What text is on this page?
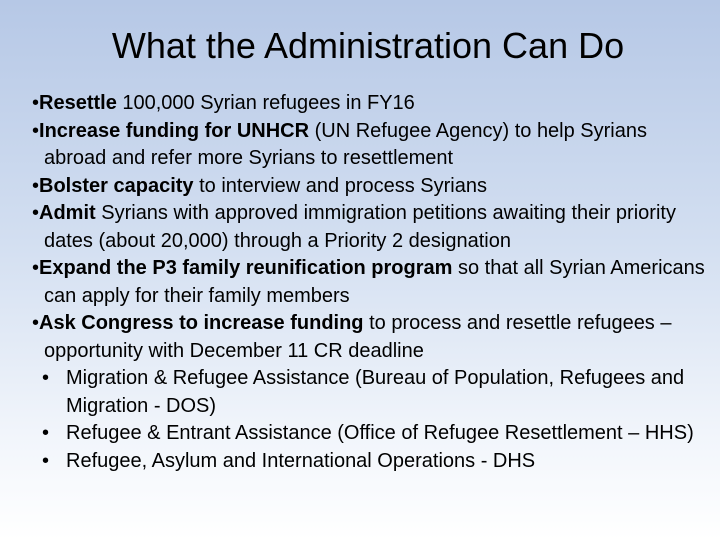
What the Administration Can Do

•Resettle 100,000 Syrian refugees in FY16

•Increase funding for UNHCR (UN Refugee Agency) to help Syrians abroad and refer more Syrians to resettlement

•Bolster capacity to interview and process Syrians

•Admit Syrians with approved immigration petitions awaiting their priority dates (about 20,000) through a Priority 2 designation

•Expand the P3 family reunification program so that all Syrian Americans can apply for their family members

•Ask Congress to increase funding to process and resettle refugees – opportunity with December 11 CR deadline

• Migration & Refugee Assistance (Bureau of Population, Refugees and Migration - DOS)

• Refugee & Entrant Assistance (Office of Refugee Resettlement – HHS)

• Refugee, Asylum and International Operations - DHS
